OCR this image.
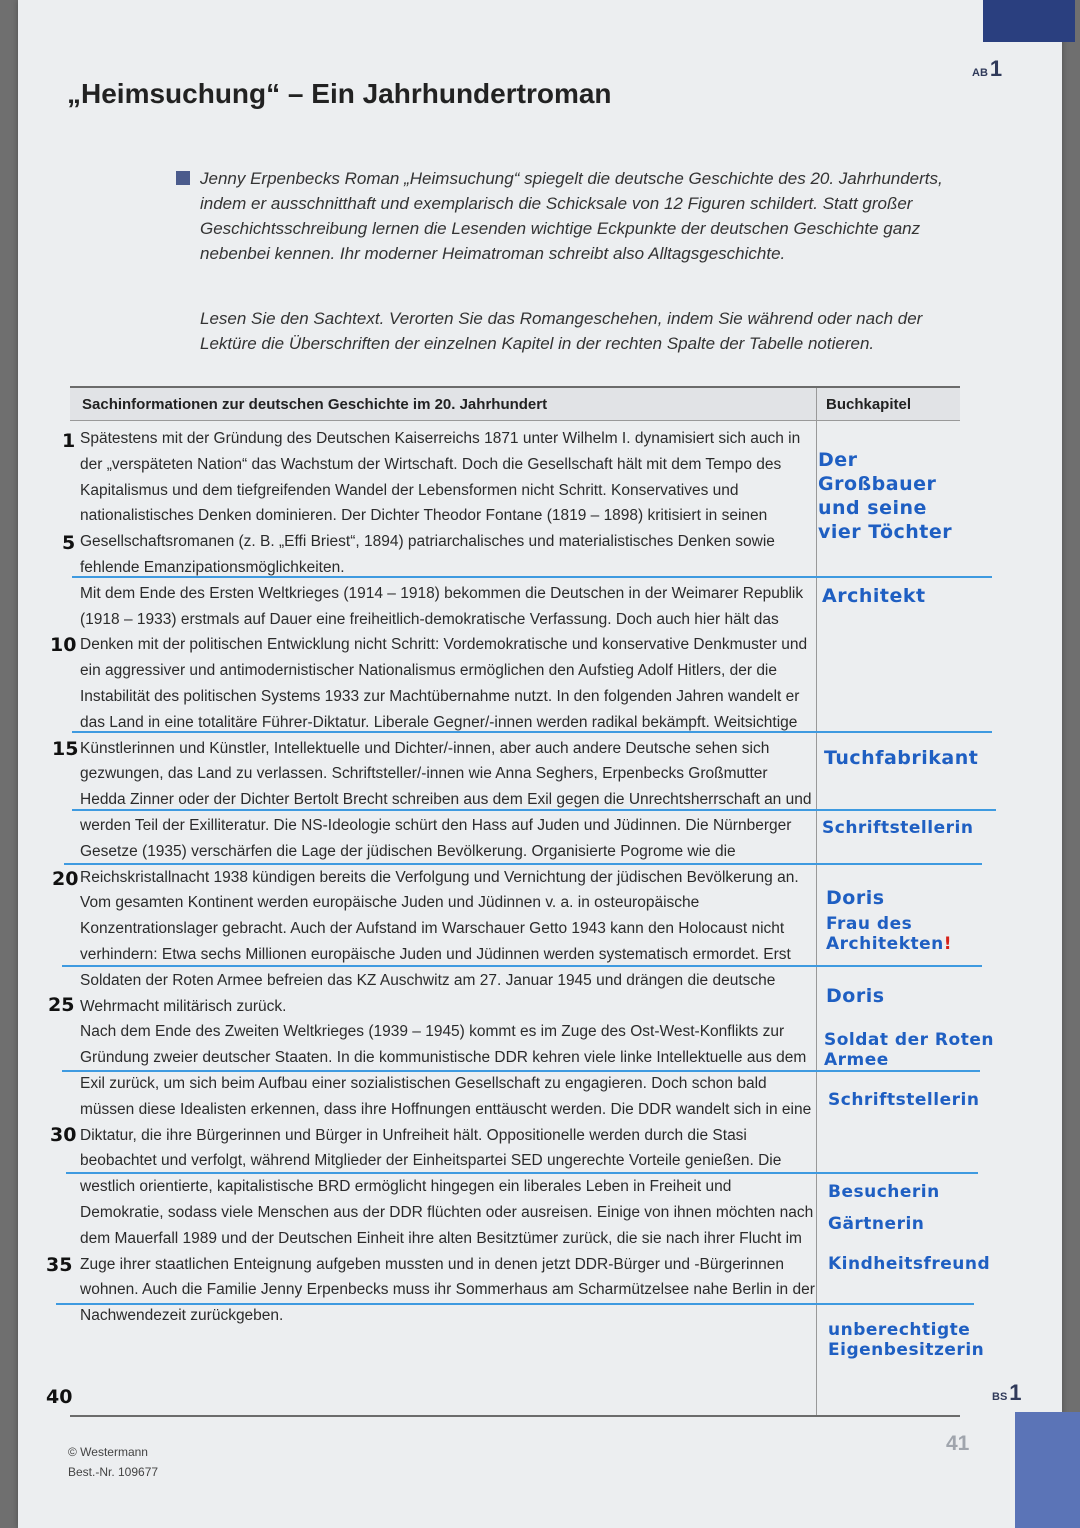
AB1
„Heimsuchung“ – Ein Jahrhundertroman
Jenny Erpenbecks Roman „Heimsuchung“ spiegelt die deutsche Geschichte des 20. Jahrhunderts, indem er ausschnitthaft und exemplarisch die Schicksale von 12 Figuren schildert. Statt großer Geschichtsschreibung lernen die Lesenden wichtige Eckpunkte der deutschen Geschichte ganz nebenbei kennen. Ihr moderner Heimatroman schreibt also Alltagsgeschichte.
Lesen Sie den Sachtext. Verorten Sie das Romangeschehen, indem Sie während oder nach der Lektüre die Überschriften der einzelnen Kapitel in der rechten Spalte der Tabelle notieren.
Sachinformationen zur deutschen Geschichte im 20. Jahrhundert	Buchkapitel

Spätestens mit der Gründung des Deutschen Kaiserreichs 1871 unter Wilhelm I. dynamisiert sich auch in der „verspäteten Nation“ das Wachstum der Wirtschaft. Doch die Gesellschaft hält mit dem Tempo des Kapitalismus und dem tiefgreifenden Wandel der Lebensformen nicht Schritt. Konservatives und nationalistisches Denken dominieren. Der Dichter Theodor Fontane (1819 – 1898) kritisiert in seinen Gesellschaftsromanen (z. B. „Effi Briest“, 1894) patriarchalisches und materialistisches Denken sowie fehlende Emanzipationsmöglichkeiten.

Mit dem Ende des Ersten Weltkrieges (1914 – 1918) bekommen die Deutschen in der Weimarer Republik (1918 – 1933) erstmals auf Dauer eine freiheitlich-demokratische Verfassung. Doch auch hier hält das Denken mit der politischen Entwicklung nicht Schritt: Vordemokratische und konservative Denkmuster und ein aggressiver und antimodernistischer Nationalismus ermöglichen den Aufstieg Adolf Hitlers, der die Instabilität des politischen Systems 1933 zur Machtübernahme nutzt. In den folgenden Jahren wandelt er das Land in eine totalitäre Führer-Diktatur. Liberale Gegner/-innen werden radikal bekämpft. Weitsichtige Künstlerinnen und Künstler, Intellektuelle und Dichter/-innen, aber auch andere Deutsche sehen sich gezwungen, das Land zu verlassen. Schriftsteller/-innen wie Anna Seghers, Erpenbecks Großmutter Hedda Zinner oder der Dichter Bertolt Brecht schreiben aus dem Exil gegen die Unrechtsherrschaft an und werden Teil der Exilliteratur. Die NS-Ideologie schürt den Hass auf Juden und Jüdinnen. Die Nürnberger Gesetze (1935) verschärfen die Lage der jüdischen Bevölkerung. Organisierte Pogrome wie die Reichskristallnacht 1938 kündigen bereits die Verfolgung und Vernichtung der jüdischen Bevölkerung an. Vom gesamten Kontinent werden europäische Juden und Jüdinnen v. a. in osteuropäische Konzentrationslager gebracht. Auch der Aufstand im Warschauer Getto 1943 kann den Holocaust nicht verhindern: Etwa sechs Millionen europäische Juden und Jüdinnen werden systematisch ermordet. Erst Soldaten der Roten Armee befreien das KZ Auschwitz am 27. Januar 1945 und drängen die deutsche Wehrmacht militärisch zurück.

Nach dem Ende des Zweiten Weltkrieges (1939 – 1945) kommt es im Zuge des Ost-West-Konflikts zur Gründung zweier deutscher Staaten. In die kommunistische DDR kehren viele linke Intellektuelle aus dem Exil zurück, um sich beim Aufbau einer sozialistischen Gesellschaft zu engagieren. Doch schon bald müssen diese Idealisten erkennen, dass ihre Hoffnungen enttäuscht werden. Die DDR wandelt sich in eine Diktatur, die ihre Bürgerinnen und Bürger in Unfreiheit hält. Oppositionelle werden durch die Stasi beobachtet und verfolgt, während Mitglieder der Einheitspartei SED ungerechte Vorteile genießen. Die westlich orientierte, kapitalistische BRD ermöglicht hingegen ein liberales Leben in Freiheit und Demokratie, sodass viele Menschen aus der DDR flüchten oder ausreisen. Einige von ihnen möchten nach dem Mauerfall 1989 und der Deutschen Einheit ihre alten Besitztümer zurück, die sie nach ihrer Flucht im Zuge ihrer staatlichen Enteignung aufgeben mussten und in denen jetzt DDR-Bürger und -Bürgerinnen wohnen. Auch die Familie Jenny Erpenbecks muss ihr Sommerhaus am Scharmützelsee nahe Berlin in der Nachwendezeit zurückgeben.

1
5
10
15
20
25
30
35
40
Der Großbauer und seine vier Töchter
Architekt
Tuchfabrikant
Schriftstellerin
Doris
Frau des Architekten!
Doris
Soldat der Roten Armee
Schriftstellerin
Besucherin
Gärtnerin
Kindheitsfreund
unberechtigte Eigenbesitzerin
BS1
© Westermann
Best.-Nr. 109677
41
